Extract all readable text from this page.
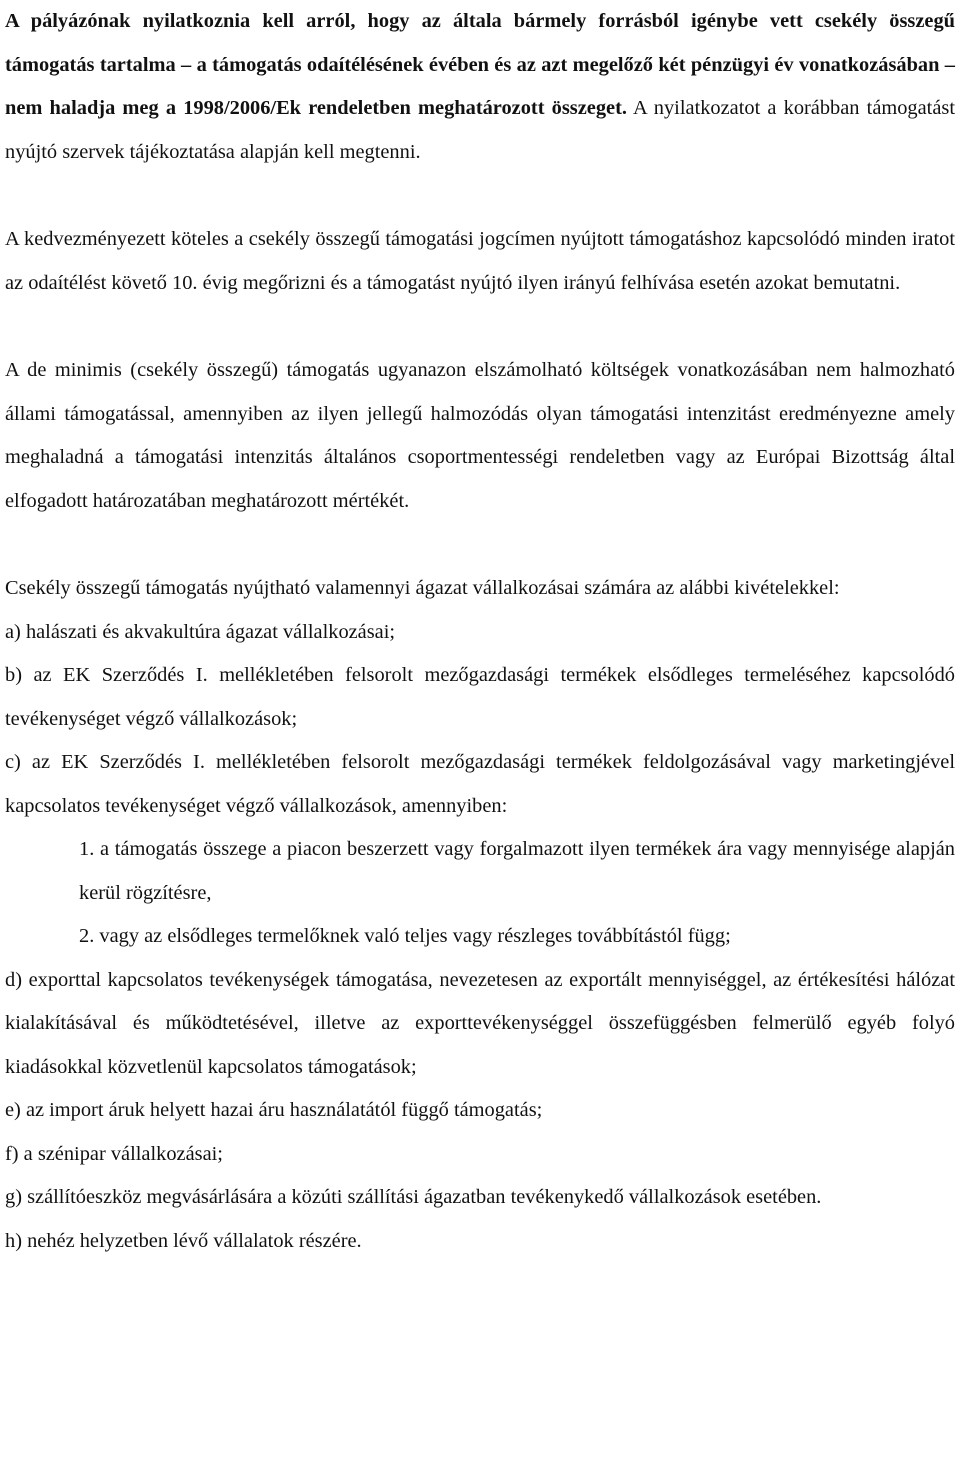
A pályázónak nyilatkoznia kell arról, hogy az általa bármely forrásból igénybe vett csekély összegű támogatás tartalma – a támogatás odaítélésének évében és az azt megelőző két pénzügyi év vonatkozásában – nem haladja meg a 1998/2006/Ek rendeletben meghatározott összeget. A nyilatkozatot a korábban támogatást nyújtó szervek tájékoztatása alapján kell megtenni.

A kedvezményezett köteles a csekély összegű támogatási jogcímen nyújtott támogatáshoz kapcsolódó minden iratot az odaítélést követő 10. évig megőrizni és a támogatást nyújtó ilyen irányú felhívása esetén azokat bemutatni.

A de minimis (csekély összegű) támogatás ugyanazon elszámolható költségek vonatkozásában nem halmozható állami támogatással, amennyiben az ilyen jellegű halmozódás olyan támogatási intenzitást eredményezne amely meghaladná a támogatási intenzitás általános csoportmentességi rendeletben vagy az Európai Bizottság által elfogadott határozatában meghatározott mértékét.

Csekély összegű támogatás nyújtható valamennyi ágazat vállalkozásai számára az alábbi kivételekkel:

a) halászati és akvakultúra ágazat vállalkozásai;

b) az EK Szerződés I. mellékletében felsorolt mezőgazdasági termékek elsődleges termeléséhez kapcsolódó tevékenységet végző vállalkozások;

c) az EK Szerződés I. mellékletében felsorolt mezőgazdasági termékek feldolgozásával vagy marketingjével kapcsolatos tevékenységet végző vállalkozások, amennyiben:

1. a támogatás összege a piacon beszerzett vagy forgalmazott ilyen termékek ára vagy mennyisége alapján kerül rögzítésre,

2. vagy az elsődleges termelőknek való teljes vagy részleges továbbítástól függ;

d) exporttal kapcsolatos tevékenységek támogatása, nevezetesen az exportált mennyiséggel, az értékesítési hálózat kialakításával és működtetésével, illetve az exporttevékenységgel összefüggésben felmerülő egyéb folyó kiadásokkal közvetlenül kapcsolatos támogatások;

e) az import áruk helyett hazai áru használatától függő támogatás;

f) a szénipar vállalkozásai;

g) szállítóeszköz megvásárlására a közúti szállítási ágazatban tevékenykedő vállalkozások esetében.

h) nehéz helyzetben lévő vállalatok részére.
